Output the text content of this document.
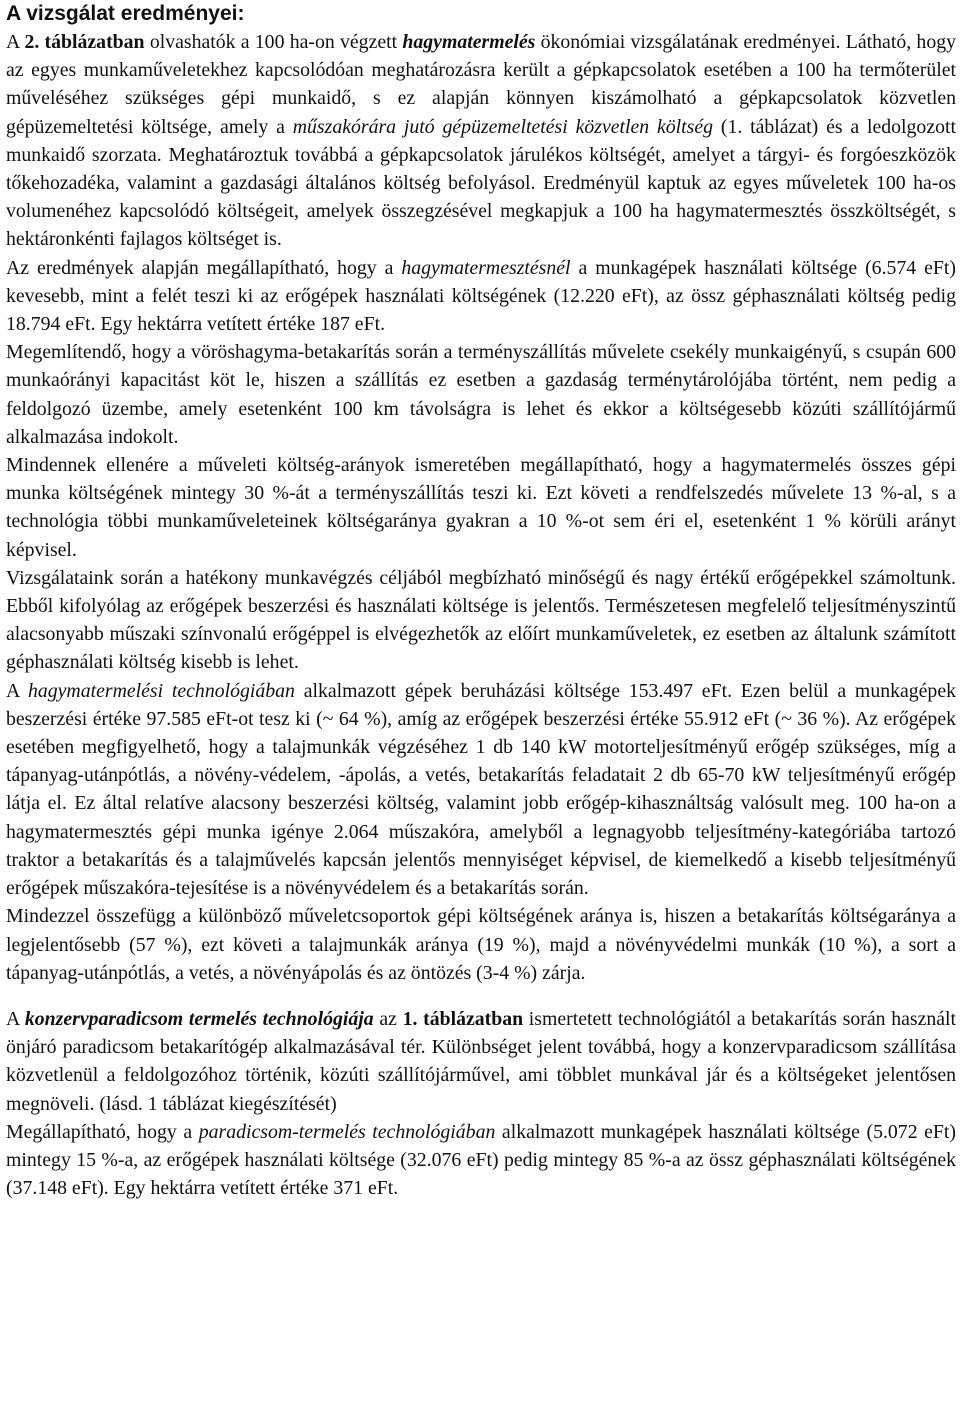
A vizsgálat eredményei:

A 2. táblázatban olvashatók a 100 ha-on végzett hagymatermelés ökonómiai vizsgálatának eredményei. Látható, hogy az egyes munkaműveletekhez kapcsolódóan meghatározásra került a gépkapcsolatok esetében a 100 ha termőterület műveléséhez szükséges gépi munkaidő, s ez alapján könnyen kiszámolható a gépkapcsolatok közvetlen gépüzemeltetési költsége, amely a műszakórára jutó gépüzemeltetési közvetlen költség (1. táblázat) és a ledolgozott munkaidő szorzata. Meghatároztuk továbbá a gépkapcsolatok járulékos költségét, amelyet a tárgyi- és forgóeszközök tőkehozadéka, valamint a gazdasági általános költség befolyásol. Eredményül kaptuk az egyes műveletek 100 ha-os volumenéhez kapcsolódó költségeit, amelyek összegzésével megkapjuk a 100 ha hagymatermesztés összköltségét, s hektáronkénti fajlagos költséget is.

Az eredmények alapján megállapítható, hogy a hagymatermesztésnél a munkagépek használati költsége (6.574 eFt) kevesebb, mint a felét teszi ki az erőgépek használati költségének (12.220 eFt), az össz géphasználati költség pedig 18.794 eFt. Egy hektárra vetített értéke 187 eFt.

Megemlítendő, hogy a vöröshagyma-betakarítás során a terményszállítás művelete csekély munkaigényű, s csupán 600 munkaórányi kapacitást köt le, hiszen a szállítás ez esetben a gazdaság terménytárolójába történt, nem pedig a feldolgozó üzembe, amely esetenként 100 km távolságra is lehet és ekkor a költségesebb közúti szállítójármű alkalmazása indokolt.

Mindennek ellenére a műveleti költség-arányok ismeretében megállapítható, hogy a hagymatermelés összes gépi munka költségének mintegy 30 %-át a terményszállítás teszi ki. Ezt követi a rendfelszedés művelete 13 %-al, s a technológia többi munkaműveleteinek költségaránya gyakran a 10 %-ot sem éri el, esetenként 1 % körüli arányt képvisel.

Vizsgálataink során a hatékony munkavégzés céljából megbízható minőségű és nagy értékű erőgépekkel számoltunk. Ebből kifolyólag az erőgépek beszerzési és használati költsége is jelentős. Természetesen megfelelő teljesítményszintű alacsonyabb műszaki színvonalú erőgéppel is elvégezhetők az előírt munkaműveletek, ez esetben az általunk számított géphasználati költség kisebb is lehet.

A hagymatermelési technológiában alkalmazott gépek beruházási költsége 153.497 eFt. Ezen belül a munkagépek beszerzési értéke 97.585 eFt-ot tesz ki (~ 64 %), amíg az erőgépek beszerzési értéke 55.912 eFt (~ 36 %). Az erőgépek esetében megfigyelhető, hogy a talajmunkák végzéséhez 1 db 140 kW motorteljesítményű erőgép szükséges, míg a tápanyag-utánpótlás, a növény-védelem, -ápolás, a vetés, betakarítás feladatait 2 db 65-70 kW teljesítményű erőgép látja el. Ez által relatíve alacsony beszerzési költség, valamint jobb erőgép-kihasználtság valósult meg. 100 ha-on a hagymatermesztés gépi munka igénye 2.064 műszakóra, amelyből a legnagyobb teljesítmény-kategóriába tartozó traktor a betakarítás és a talajművelés kapcsán jelentős mennyiséget képvisel, de kiemelkedő a kisebb teljesítményű erőgépek műszakóra-tejesítése is a növényvédelem és a betakarítás során.

Mindezzel összefügg a különböző műveletcsoportok gépi költségének aránya is, hiszen a betakarítás költségaránya a legjelentősebb (57 %), ezt követi a talajmunkák aránya (19 %), majd a növényvédelmi munkák (10 %), a sort a tápanyag-utánpótlás, a vetés, a növényápolás és az öntözés (3-4 %) zárja.

A konzervparadicsom termelés technológiája az 1. táblázatban ismertetett technológiától a betakarítás során használt önjáró paradicsom betakarítógép alkalmazásával tér. Különbséget jelent továbbá, hogy a konzervparadicsom szállítása közvetlenül a feldolgozóhoz történik, közúti szállítójárművel, ami többlet munkával jár és a költségeket jelentősen megnöveli. (lásd. 1 táblázat kiegészítését)

Megállapítható, hogy a paradicsom-termelés technológiában alkalmazott munkagépek használati költsége (5.072 eFt) mintegy 15 %-a, az erőgépek használati költsége (32.076 eFt) pedig mintegy 85 %-a az össz géphasználati költségének (37.148 eFt). Egy hektárra vetített értéke 371 eFt.
